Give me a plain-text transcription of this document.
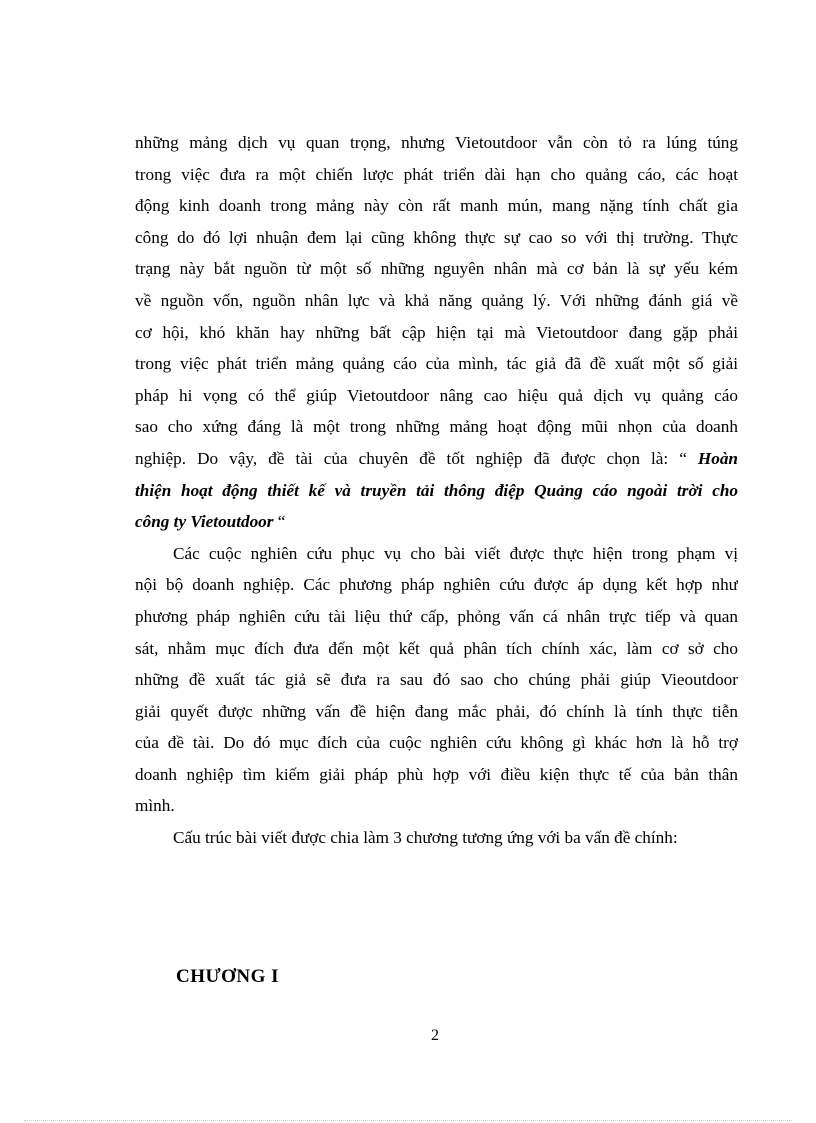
những mảng dịch vụ quan trọng, nhưng Vietoutdoor vẫn còn tỏ ra lúng túng
trong việc đưa ra một chiến lược phát triển dài hạn cho quảng cáo, các hoạt
động kinh doanh trong mảng này còn rất manh mún, mang nặng tính chất gia
công do đó lợi nhuận đem lại cũng không thực sự cao so với thị trường. Thực
trạng này bắt nguồn từ một số những nguyên nhân mà cơ bản là sự yếu kém
về nguồn vốn, nguồn nhân lực và khả năng quảng lý. Với những đánh giá về
cơ hội, khó khăn hay những bất cập hiện tại mà Vietoutdoor đang gặp phải
trong việc phát triển mảng quảng cáo của mình, tác giả đã đề xuất một số giải
pháp hi vọng có thể giúp Vietoutdoor nâng cao hiệu quả dịch vụ quảng cáo
sao cho xứng đáng là một trong những mảng hoạt động mũi nhọn của doanh
nghiệp. Do vậy, đề tài của chuyên đề tốt nghiệp đã được chọn là: “ Hoàn
thiện hoạt động thiết kế và truyền tải thông điệp Quảng cáo ngoài trời cho
công ty Vietoutdoor “
Các cuộc nghiên cứu phục vụ cho bài viết được thực hiện trong phạm vị
nội bộ doanh nghiệp. Các phương pháp nghiên cứu được áp dụng kết hợp như
phương pháp nghiên cứu tài liệu thứ cấp, phỏng vấn cá nhân trực tiếp và quan
sát, nhằm mục đích đưa đến một kết quả phân tích chính xác, làm cơ sở cho
những đề xuất tác giả sẽ đưa ra sau đó sao cho chúng phải giúp Vieoutdoor
giải quyết được những vấn đề hiện đang mắc phải, đó chính là tính thực tiễn
của đề tài. Do đó mục đích của cuộc nghiên cứu không gì khác hơn là hỗ trợ
doanh nghiệp tìm kiếm giải pháp phù hợp với điều kiện thực tế của bản thân
mình.
Cấu trúc bài viết được chia làm 3 chương tương ứng với ba vấn đề chính:
CHƯƠNG I
2
